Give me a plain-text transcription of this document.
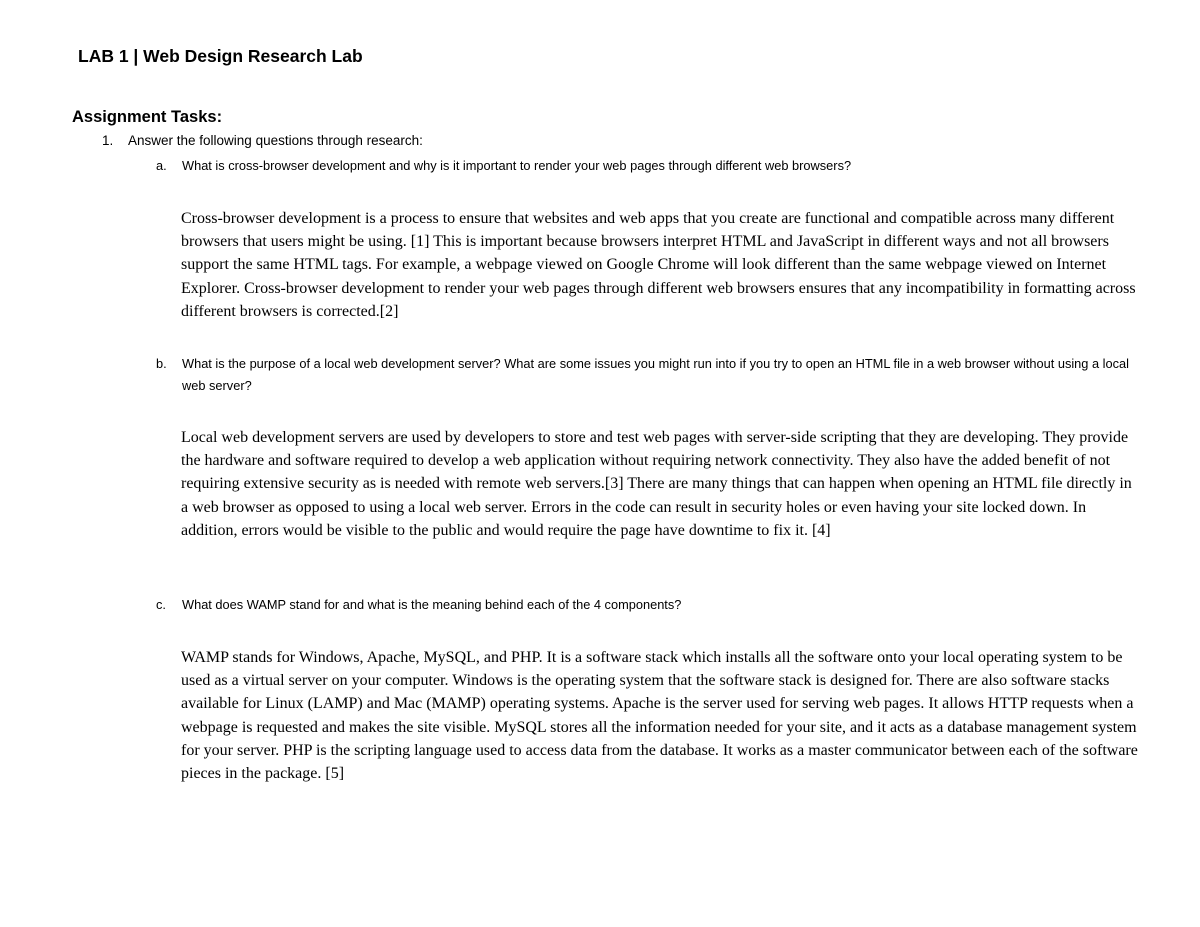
LAB 1 | Web Design Research Lab
Assignment Tasks:
1. Answer the following questions through research:
a. What is cross-browser development and why is it important to render your web pages through different web browsers?

Cross-browser development is a process to ensure that websites and web apps that you create are functional and compatible across many different browsers that users might be using. [1] This is important because browsers interpret HTML and JavaScript in different ways and not all browsers support the same HTML tags. For example, a webpage viewed on Google Chrome will look different than the same webpage viewed on Internet Explorer. Cross-browser development to render your web pages through different web browsers ensures that any incompatibility in formatting across different browsers is corrected.[2]

b. What is the purpose of a local web development server? What are some issues you might run into if you try to open an HTML file in a web browser without using a local web server?

Local web development servers are used by developers to store and test web pages with server-side scripting that they are developing. They provide the hardware and software required to develop a web application without requiring network connectivity. They also have the added benefit of not requiring extensive security as is needed with remote web servers.[3] There are many things that can happen when opening an HTML file directly in a web browser as opposed to using a local web server. Errors in the code can result in security holes or even having your site locked down. In addition, errors would be visible to the public and would require the page have downtime to fix it. [4]

c. What does WAMP stand for and what is the meaning behind each of the 4 components?

WAMP stands for Windows, Apache, MySQL, and PHP. It is a software stack which installs all the software onto your local operating system to be used as a virtual server on your computer. Windows is the operating system that the software stack is designed for. There are also software stacks available for Linux (LAMP) and Mac (MAMP) operating systems. Apache is the server used for serving web pages. It allows HTTP requests when a webpage is requested and makes the site visible. MySQL stores all the information needed for your site, and it acts as a database management system for your server. PHP is the scripting language used to access data from the database. It works as a master communicator between each of the software pieces in the package. [5]
